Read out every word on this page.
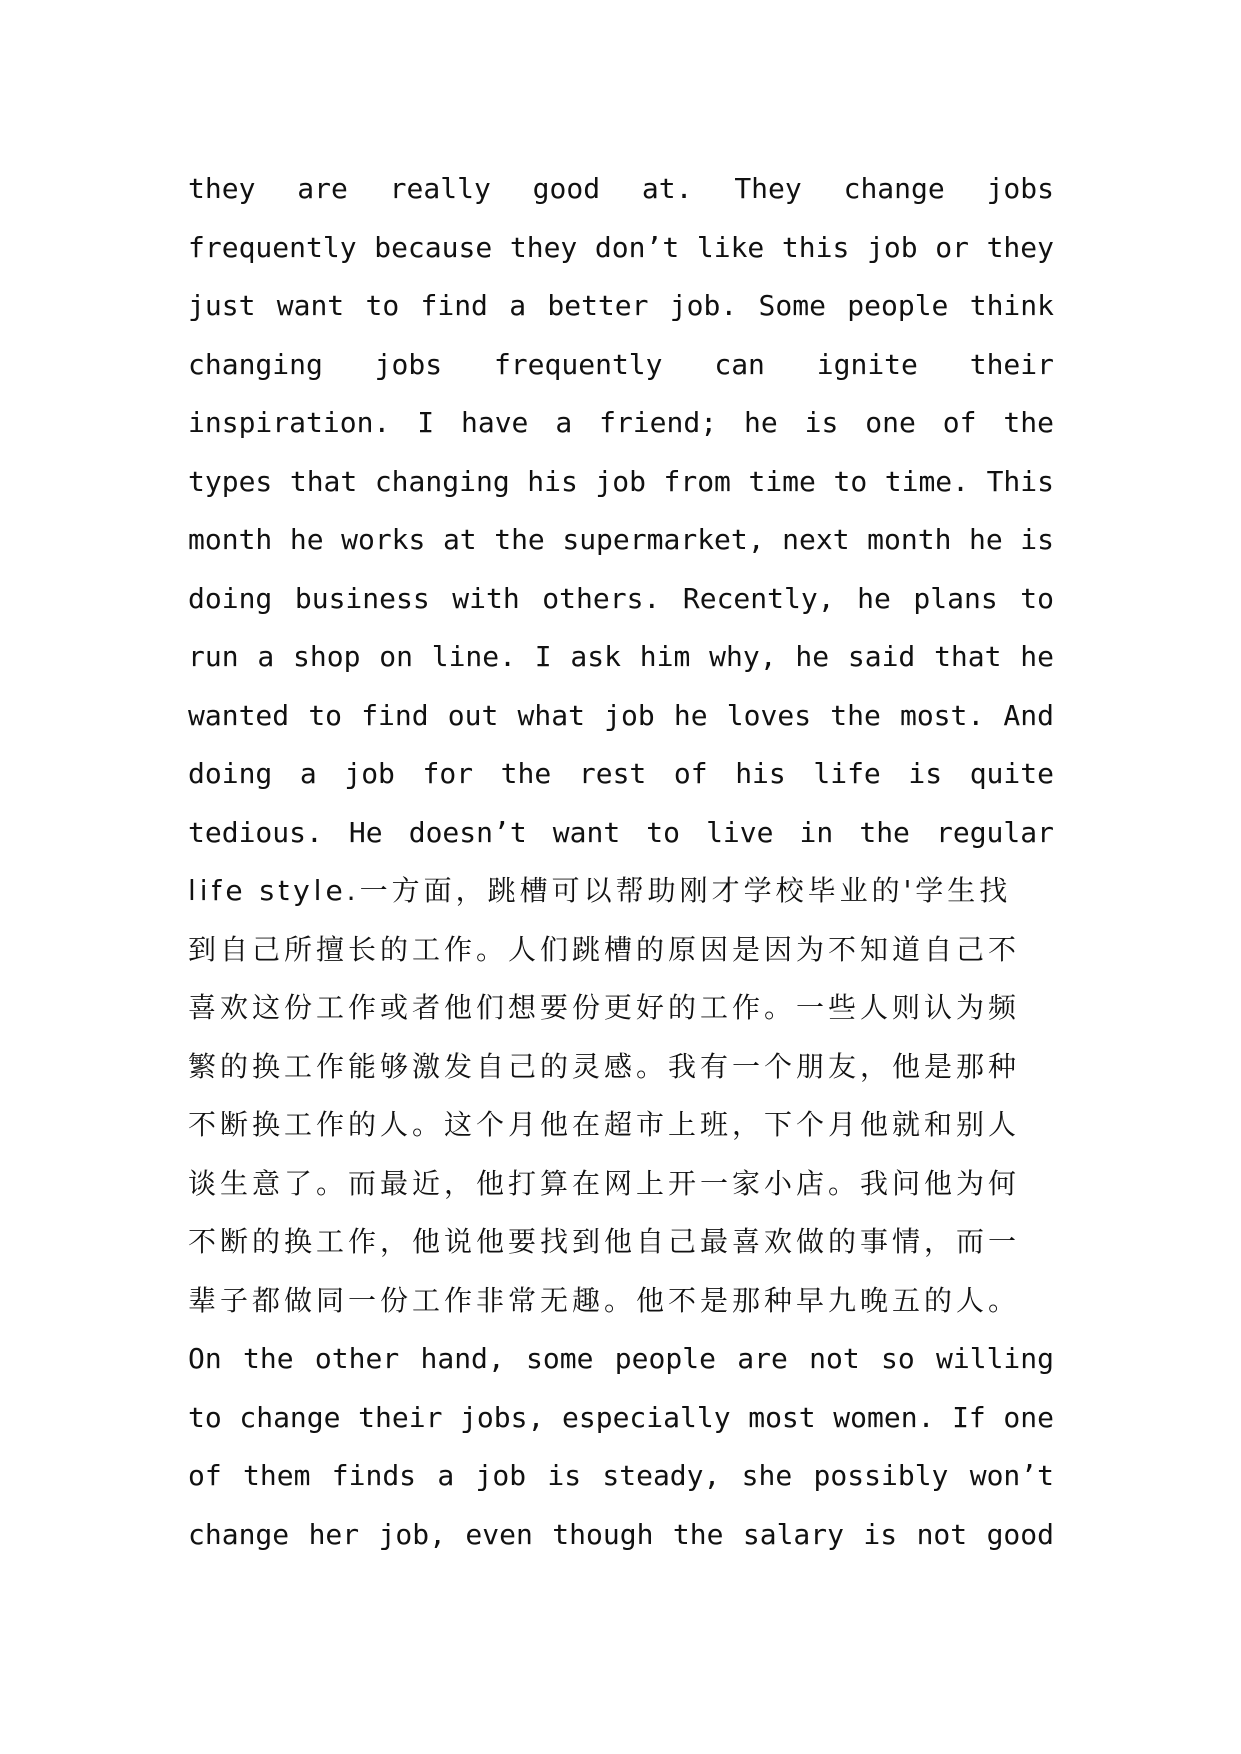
they are really good at. They change jobs
frequently because they don’t like this job or they
just want to find a better job. Some people think
changing jobs frequently can ignite their
inspiration. I have a friend; he is one of the
types that changing his job from time to time. This
month he works at the supermarket, next month he is
doing business with others. Recently, he plans to
run a shop on line. I ask him why, he said that he
wanted to find out what job he loves the most. And
doing a job for the rest of his life is quite
tedious. He doesn’t want to live in the regular
life style.一方面，跳槽可以帮助刚才学校毕业的'学生找
到自己所擅长的工作。人们跳槽的原因是因为不知道自己不
喜欢这份工作或者他们想要份更好的工作。一些人则认为频
繁的换工作能够激发自己的灵感。我有一个朋友，他是那种
不断换工作的人。这个月他在超市上班，下个月他就和别人
谈生意了。而最近，他打算在网上开一家小店。我问他为何
不断的换工作，他说他要找到他自己最喜欢做的事情，而一
辈子都做同一份工作非常无趣。他不是那种早九晚五的人。
On the other hand, some people are not so willing
to change their jobs, especially most women. If one
of them finds a job is steady, she possibly won’t
change her job, even though the salary is not good
